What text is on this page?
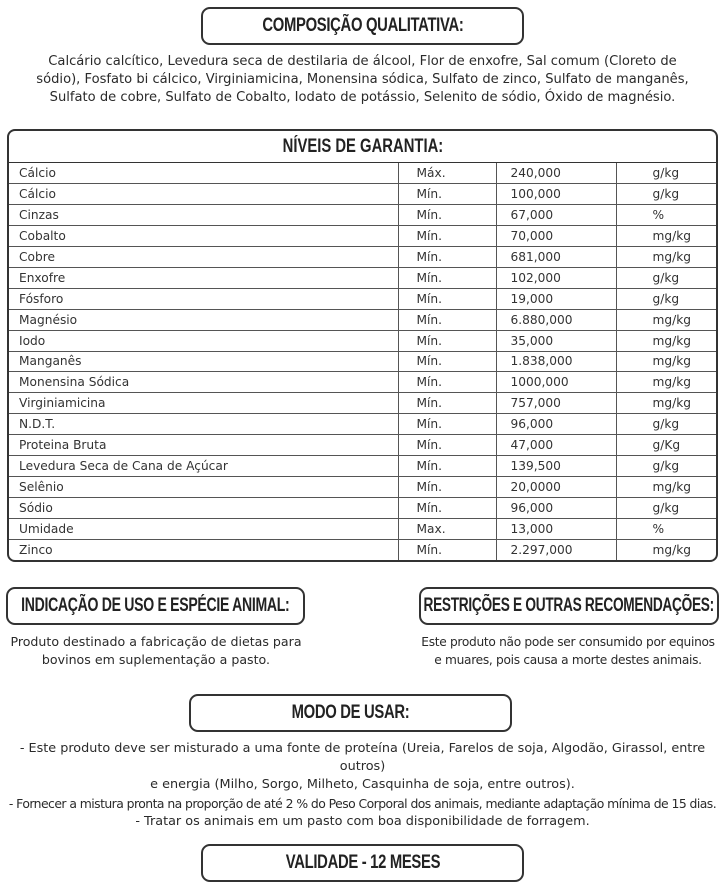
COMPOSIÇÃO QUALITATIVA:
Calcário calcítico, Levedura seca de destilaria de álcool, Flor de enxofre, Sal comum (Cloreto de
sódio), Fosfato bi cálcico, Virginiamicina, Monensina sódica, Sulfato de zinco, Sulfato de manganês,
Sulfato de cobre, Sulfato de Cobalto, Iodato de potássio, Selenito de sódio, Óxido de magnésio.
NÍVEIS DE GARANTIA:
Cálcio	Máx.	240,000	g/kg
Cálcio	Mín.	100,000	g/kg
Cinzas	Mín.	67,000	%
Cobalto	Mín.	70,000	mg/kg
Cobre	Mín.	681,000	mg/kg
Enxofre	Mín.	102,000	g/kg
Fósforo	Mín.	19,000	g/kg
Magnésio	Mín.	6.880,000	mg/kg
Iodo	Mín.	35,000	mg/kg
Manganês	Mín.	1.838,000	mg/kg
Monensina Sódica	Mín.	1000,000	mg/kg
Virginiamicina	Mín.	757,000	mg/kg
N.D.T.	Mín.	96,000	g/kg
Proteina Bruta	Mín.	47,000	g/Kg
Levedura Seca de Cana de Açúcar	Mín.	139,500	g/kg
Selênio	Mín.	20,0000	mg/kg
Sódio	Mín.	96,000	g/kg
Umidade	Max.	13,000	%
Zinco	Mín.	2.297,000	mg/kg
INDICAÇÃO DE USO E ESPÉCIE ANIMAL:
Produto destinado a fabricação de dietas para
bovinos em suplementação a pasto.
RESTRIÇÕES E OUTRAS RECOMENDAÇÕES:
Este produto não pode ser consumido por equinos
e muares, pois causa a morte destes animais.
MODO DE USAR:
- Este produto deve ser misturado a uma fonte de proteína (Ureia, Farelos de soja, Algodão, Girassol, entre outros)
e energia (Milho, Sorgo, Milheto, Casquinha de soja, entre outros).
- Fornecer a mistura pronta na proporção de até 2 % do Peso Corporal dos animais, mediante adaptação mínima de 15 dias.
- Tratar os animais em um pasto com boa disponibilidade de forragem.
VALIDADE - 12 MESES
